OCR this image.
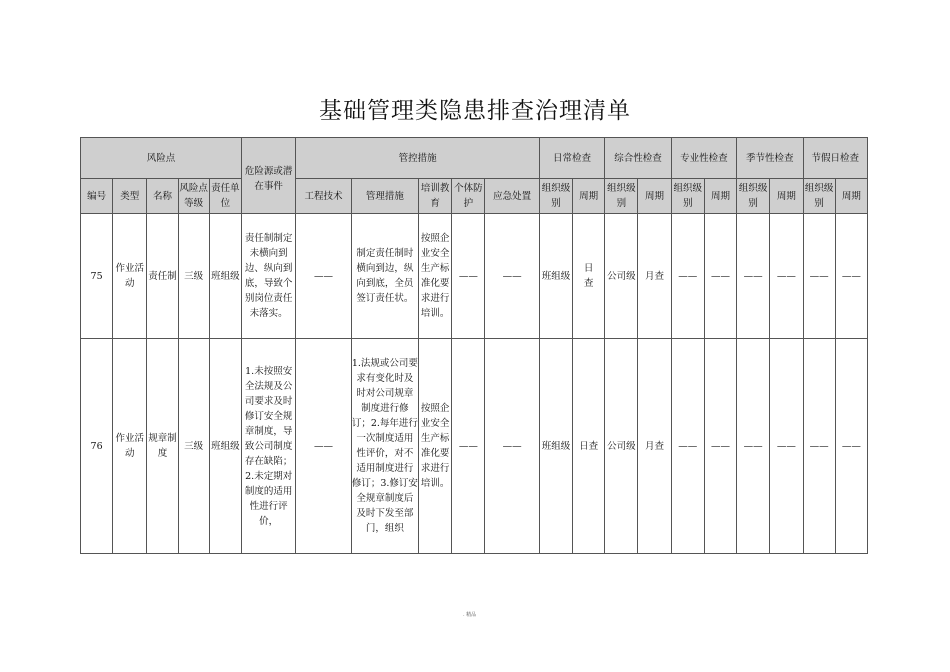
基础管理类隐患排查治理清单
风险点					危险源或潜在事件	管控措施					日常检查		综合性检查		专业性检查		季节性检查		节假日检查	
编号	类型	名称	风险点等级	责任单位		工程技术	管理措施	培训教育	个体防护	应急处置	组织级别	周期	组织级别	周期	组织级别	周期	组织级别	周期	组织级别	周期
75	作业活动	责任制	三级	班组级	责任制制定未横向到边、纵向到底，导致个别岗位责任未落实。	——	制定责任制时横向到边，纵向到底，全员签订责任状。	按照企业安全生产标准化要求进行培训。	——	——	班组级	日查	公司级	月查	——	——	——	——	——	——
76	作业活动	规章制度	三级	班组级	1.未按照安全法规及公司要求及时修订安全规章制度，导致公司制度存在缺陷；2.未定期对制度的适用性进行评价，	——	1.法规或公司要求有变化时及时对公司规章制度进行修订；2.每年进行一次制度适用性评价，对不适用制度进行修订；3.修订安全规章制度后及时下发至部门，组织	按照企业安全生产标准化要求进行培训。	——	——	班组级	日查	公司级	月查	——	——	——	——	——	——
. 精品
